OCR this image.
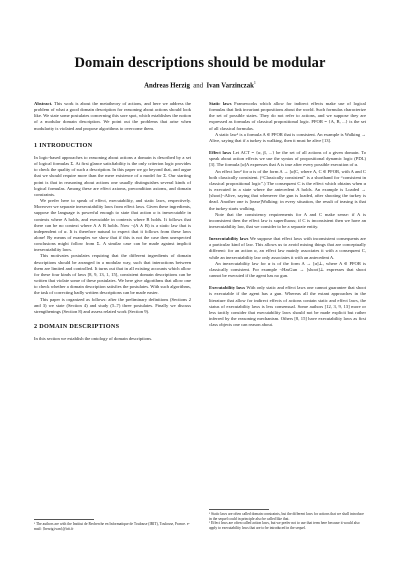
Domain descriptions should be modular
Andreas Herzig and Ivan Varzinczak$^1$

Abstract. This work is about the metatheory of actions, and here we address the problem of what a good domain description for reasoning about actions should look like. We state some postulates concerning this sore spot, which establishes the notion of a modular domain description. We point out the problems that arise when modularity is violated and propose algorithms to overcome them.

1 INTRODUCTION

In logic-based approaches to reasoning about actions a domain is described by a set of logical formulas Σ. At first glance satisfiability is the only criterion logic provides to check the quality of such a description. In this paper we go beyond that, and argue that we should require more than the mere existence of a model for Σ. Our starting point is that in reasoning about actions one usually distinguishes several kinds of logical formulas. Among these are effect axioms, precondition axioms, and domain constraints.

We prefer here to speak of effect, executability, and static laws, respectively. Moreover we separate inexecutability laws from effect laws. Given these ingredients, suppose the language is powerful enough to state that action α is inexecutable in contexts where A holds, and executable in contexts where B holds. It follows that there can be no context where A ∧ B holds. Now ¬(A ∧ B) is a static law that is independent of α. It is therefore natural to expect that it follows from these laws alone! By means of examples we show that if this is not the case then unexpected conclusions might follow from Σ. A similar case can be made against implicit inexecutability laws.

This motivates postulates requiring that the different ingredients of domain descriptions should be arranged in a modular way, such that interactions between them are limited and controlled. It turns out that in all existing accounts which allow for these four kinds of laws [8, 9, 13, 1, 15], consistent domain descriptions can be written that violate some of these postulates. We here give algorithms that allow one to check whether a domain description satisfies the postulates. With such algorithms, the task of correcting badly written descriptions can be made easier.

This paper is organized as follows: after the preliminary definitions (Sections 2 and 3) we state (Section 4) and study (5–7) three postulates. Finally we discuss strengthenings (Section 8) and assess related work (Section 9).

2 DOMAIN DESCRIPTIONS

In this section we establish the ontology of domain descriptions.

¹ The authors are with the Institut de Recherche en Informatique de Toulouse (IRIT), Toulouse, France. e-mail: {herzig,ivan}@irit.fr

Static laws Frameworks which allow for indirect effects make use of logical formulas that link invariant propositions about the world. Such formulas characterize the set of possible states. They do not refer to actions, and we suppose they are expressed as formulas of classical propositional logic. PFOR = {A, B, ...} is the set of all classical formulas.

A static law¹ is a formula A ∈ PFOR that is consistent. An example is Walking → Alive, saying that if a turkey is walking, then it must be alive [13].

Effect laws Let ACT = {α, β, ...} be the set of all actions of a given domain. To speak about action effects we use the syntax of propositional dynamic logic (PDL) [3]. The formula [α]A expresses that A is true after every possible execution of α.

An effect law² for α is of the form A → [α]C, where A, C ∈ PFOR, with A and C both classically consistent. (“Classically consistent” is a shorthand for “consistent in classical propositional logic”.) The consequent C is the effect which obtains when α is executed in a state where the antecedent A holds. An example is Loaded → [shoot]¬Alive, saying that whenever the gun is loaded, after shooting the turkey is dead. Another one is [tease]Walking: in every situation, the result of teasing is that the turkey starts walking.

Note that the consistency requirements for A and C make sense: if A is inconsistent then the effect law is superfluous; if C is inconsistent then we have an inexecutability law, that we consider to be a separate entity.

Inexecutability laws We suppose that effect laws with inconsistent consequents are a particular kind of law. This allows us to avoid mixing things that are conceptually different: for an action α, an effect law mainly associates it with a consequent C, while an inexecutability law only associates it with an antecedent A.

An inexecutability law for α is of the form A → [α]⊥, where A ∈ PFOR is classically consistent. For example ¬HasGun → [shoot]⊥ expresses that shoot cannot be executed if the agent has no gun.

Executability laws With only static and effect laws one cannot guarantee that shoot is executable if the agent has a gun. Whereas all the extant approaches in the literature that allow for indirect effects of actions contain static and effect laws, the status of executability laws is less consensual. Some authors [12, 3, 9, 13] more or less tacitly consider that executability laws should not be made explicit but rather inferred by the reasoning mechanism. Others [8, 15] have executability laws as first class objects one can reason about.

¹ Static laws are often called domain constraints, but the different laws for actions that we shall introduce in the sequel could in principle also be called like that.
² Effect laws are often called action laws, but we prefer not to use that term here because it would also apply to executability laws that are to be introduced in the sequel.
